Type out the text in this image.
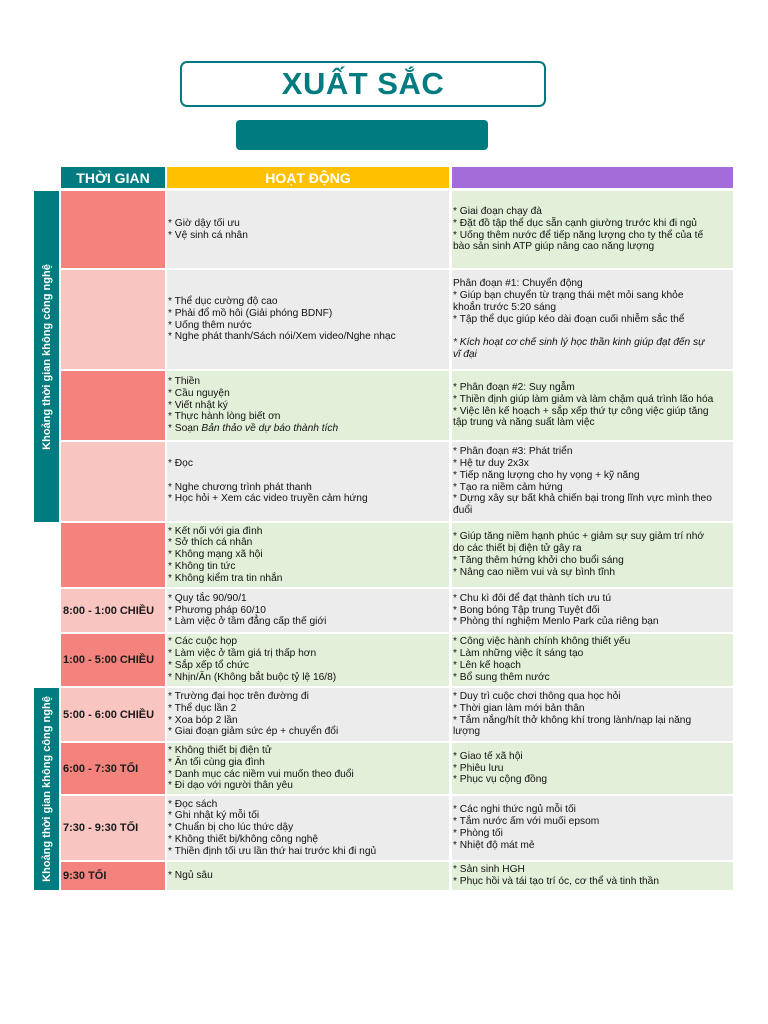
XUẤT SẮC
THỜI GIAN	HOẠT ĐỘNG
Khoảng thời gian không công nghệ
Khoảng thời gian không công nghệ
* Giờ dậy tối ưu
* Vệ sinh cá nhân
* Giai đoạn chạy đà
* Đặt đồ tập thể dục sẵn cạnh giường trước khi đi ngủ
* Uống thêm nước để tiếp năng lượng cho ty thể của tế
bào sản sinh ATP giúp nâng cao năng lượng
* Thể dục cường độ cao
* Phải đổ mồ hôi (Giải phóng BDNF)
* Uống thêm nước
* Nghe phát thanh/Sách nói/Xem video/Nghe nhạc
Phân đoạn #1: Chuyển động
* Giúp bạn chuyển từ trạng thái mệt mỏi sang khỏe
khoắn trước 5:20 sáng
* Tập thể dục giúp kéo dài đoạn cuối nhiễm sắc thể
* Kích hoạt cơ chế sinh lý học thần kinh giúp đạt đến sự
vĩ đại
* Thiền
* Cầu nguyện
* Viết nhật ký
* Thực hành lòng biết ơn
* Soạn Bản thảo về dự báo thành tích
* Phân đoạn #2: Suy ngẫm
* Thiền định giúp làm giảm và làm chậm quá trình lão hóa
* Việc lên kế hoạch + sắp xếp thứ tự công việc giúp tăng
tập trung và năng suất làm việc
* Đọc
* Nghe chương trình phát thanh
* Học hỏi + Xem các video truyền cảm hứng
* Phân đoạn #3: Phát triển
* Hệ tư duy 2x3x
* Tiếp năng lượng cho hy vọng + kỹ năng
* Tạo ra niềm cảm hứng
* Dựng xây sự bất khả chiến bại trong lĩnh vực mình theo
đuổi
* Kết nối với gia đình
* Sở thích cá nhân
* Không mạng xã hội
* Không tin tức
* Không kiểm tra tin nhắn
* Giúp tăng niềm hạnh phúc + giảm sự suy giảm trí nhớ
do các thiết bị điện tử gây ra
* Tăng thêm hứng khởi cho buổi sáng
* Nâng cao niềm vui và sự bình tĩnh
8:00 - 1:00 CHIỀU
* Quy tắc 90/90/1
* Phương pháp 60/10
* Làm việc ở tầm đẳng cấp thế giới
* Chu kì đôi để đạt thành tích ưu tú
* Bong bóng Tập trung Tuyệt đối
* Phòng thí nghiệm Menlo Park của riêng bạn
1:00 - 5:00 CHIỀU
* Các cuộc họp
* Làm việc ở tầm giá trị thấp hơn
* Sắp xếp tổ chức
* Nhịn/Ăn (Không bắt buộc tỷ lệ 16/8)
* Công việc hành chính không thiết yếu
* Làm những việc ít sáng tạo
* Lên kế hoạch
* Bổ sung thêm nước
5:00 - 6:00 CHIỀU
* Trường đại học trên đường đi
* Thể dục lần 2
* Xoa bóp 2 lần
* Giai đoạn giảm sức ép + chuyển đổi
* Duy trì cuộc chơi thông qua học hỏi
* Thời gian làm mới bản thân
* Tắm nắng/hít thở không khí trong lành/nạp lại năng
lượng
6:00 - 7:30 TỐI
* Không thiết bị điện tử
* Ăn tối cùng gia đình
* Danh mục các niềm vui muốn theo đuổi
* Đi dạo với người thân yêu
* Giao tế xã hội
* Phiêu lưu
* Phục vụ cộng đồng
7:30 - 9:30 TỐI
* Đọc sách
* Ghi nhật ký mỗi tối
* Chuẩn bị cho lúc thức dậy
* Không thiết bị/không công nghệ
* Thiền định tối ưu lần thứ hai trước khi đi ngủ
* Các nghi thức ngủ mỗi tối
* Tắm nước ấm với muối epsom
* Phòng tối
* Nhiệt độ mát mẻ
9:30 TỐI	* Ngủ sâu
* Sản sinh HGH
* Phục hồi và tái tạo trí óc, cơ thể và tinh thần
